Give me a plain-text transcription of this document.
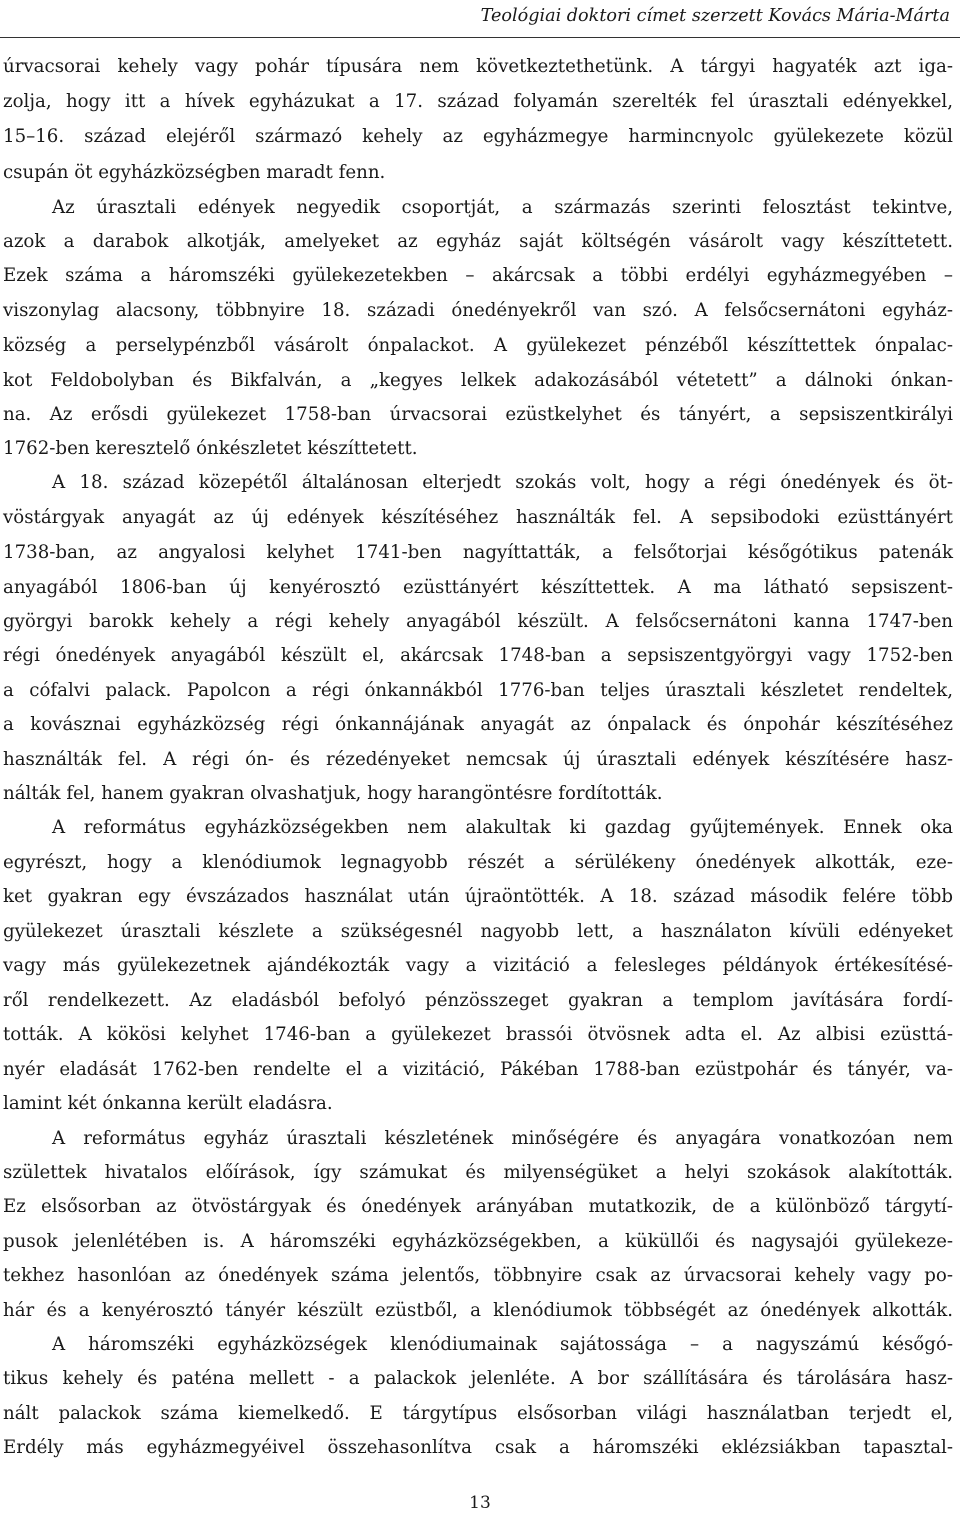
Teológiai doktori címet szerzett Kovács Mária-Márta
úrvacsorai kehely vagy pohár típusára nem következtethetünk. A tárgyi hagyaték azt iga-
zolja, hogy itt a hívek egyházukat a 17. század folyamán szerelték fel úrasztali edényekkel,
15–16. század elejéről származó kehely az egyházmegye harmincnyolc gyülekezete közül
csupán öt egyházközségben maradt fenn.
Az úrasztali edények negyedik csoportját, a származás szerinti felosztást tekintve,
azok a darabok alkotják, amelyeket az egyház saját költségén vásárolt vagy készíttetett.
Ezek száma a háromszéki gyülekezetekben – akárcsak a többi erdélyi egyházmegyében –
viszonylag alacsony, többnyire 18. századi ónedényekről van szó. A felsőcsernátoni egyház-
község a perselypénzből vásárolt ónpalackot. A gyülekezet pénzéből készíttettek ónpalac-
kot Feldobolyban és Bikfalván, a „kegyes lelkek adakozásából vétetett” a dálnoki ónkan-
na. Az erősdi gyülekezet 1758-ban úrvacsorai ezüstkelyhet és tányért, a sepsiszentkirályi
1762-ben keresztelő ónkészletet készíttetett.
A 18. század közepétől általánosan elterjedt szokás volt, hogy a régi ónedények és öt-
vöstárgyak anyagát az új edények készítéséhez használták fel. A sepsibodoki ezüsttányért
1738-ban, az angyalosi kelyhet 1741-ben nagyíttatták, a felsőtorjai későgótikus patenák
anyagából 1806-ban új kenyérosztó ezüsttányért készíttettek. A ma látható sepsiszent-
györgyi barokk kehely a régi kehely anyagából készült. A felsőcsernátoni kanna 1747-ben
régi ónedények anyagából készült el, akárcsak 1748-ban a sepsiszentgyörgyi vagy 1752-ben
a cófalvi palack. Papolcon a régi ónkannákból 1776-ban teljes úrasztali készletet rendeltek,
a kovásznai egyházközség régi ónkannájának anyagát az ónpalack és ónpohár készítéséhez
használták fel. A régi ón- és rézedényeket nemcsak új úrasztali edények készítésére hasz-
nálták fel, hanem gyakran olvashatjuk, hogy harangöntésre fordították.
A református egyházközségekben nem alakultak ki gazdag gyűjtemények. Ennek oka
egyrészt, hogy a klenódiumok legnagyobb részét a sérülékeny ónedények alkották, eze-
ket gyakran egy évszázados használat után újraöntötték. A 18. század második felére több
gyülekezet úrasztali készlete a szükségesnél nagyobb lett, a használaton kívüli edényeket
vagy más gyülekezetnek ajándékozták vagy a vizitáció a felesleges példányok értékesítésé-
ről rendelkezett. Az eladásból befolyó pénzösszeget gyakran a templom javítására fordí-
tották. A kökösi kelyhet 1746-ban a gyülekezet brassói ötvösnek adta el. Az albisi ezüsttá-
nyér eladását 1762-ben rendelte el a vizitáció, Pákéban 1788-ban ezüstpohár és tányér, va-
lamint két ónkanna került eladásra.
A református egyház úrasztali készletének minőségére és anyagára vonatkozóan nem
születtek hivatalos előírások, így számukat és milyenségüket a helyi szokások alakították.
Ez elsősorban az ötvöstárgyak és ónedények arányában mutatkozik, de a különböző tárgytí-
pusok jelenlétében is. A háromszéki egyházközségekben, a küküllői és nagysajói gyülekeze-
tekhez hasonlóan az ónedények száma jelentős, többnyire csak az úrvacsorai kehely vagy po-
hár és a kenyérosztó tányér készült ezüstből, a klenódiumok többségét az ónedények alkották.
A háromszéki egyházközségek klenódiumainak sajátossága – a nagyszámú későgó-
tikus kehely és paténa mellett - a palackok jelenléte. A bor szállítására és tárolására hasz-
nált palackok száma kiemelkedő. E tárgytípus elsősorban világi használatban terjedt el,
Erdély más egyházmegyéivel összehasonlítva csak a háromszéki eklézsiákban tapasztal-
13
